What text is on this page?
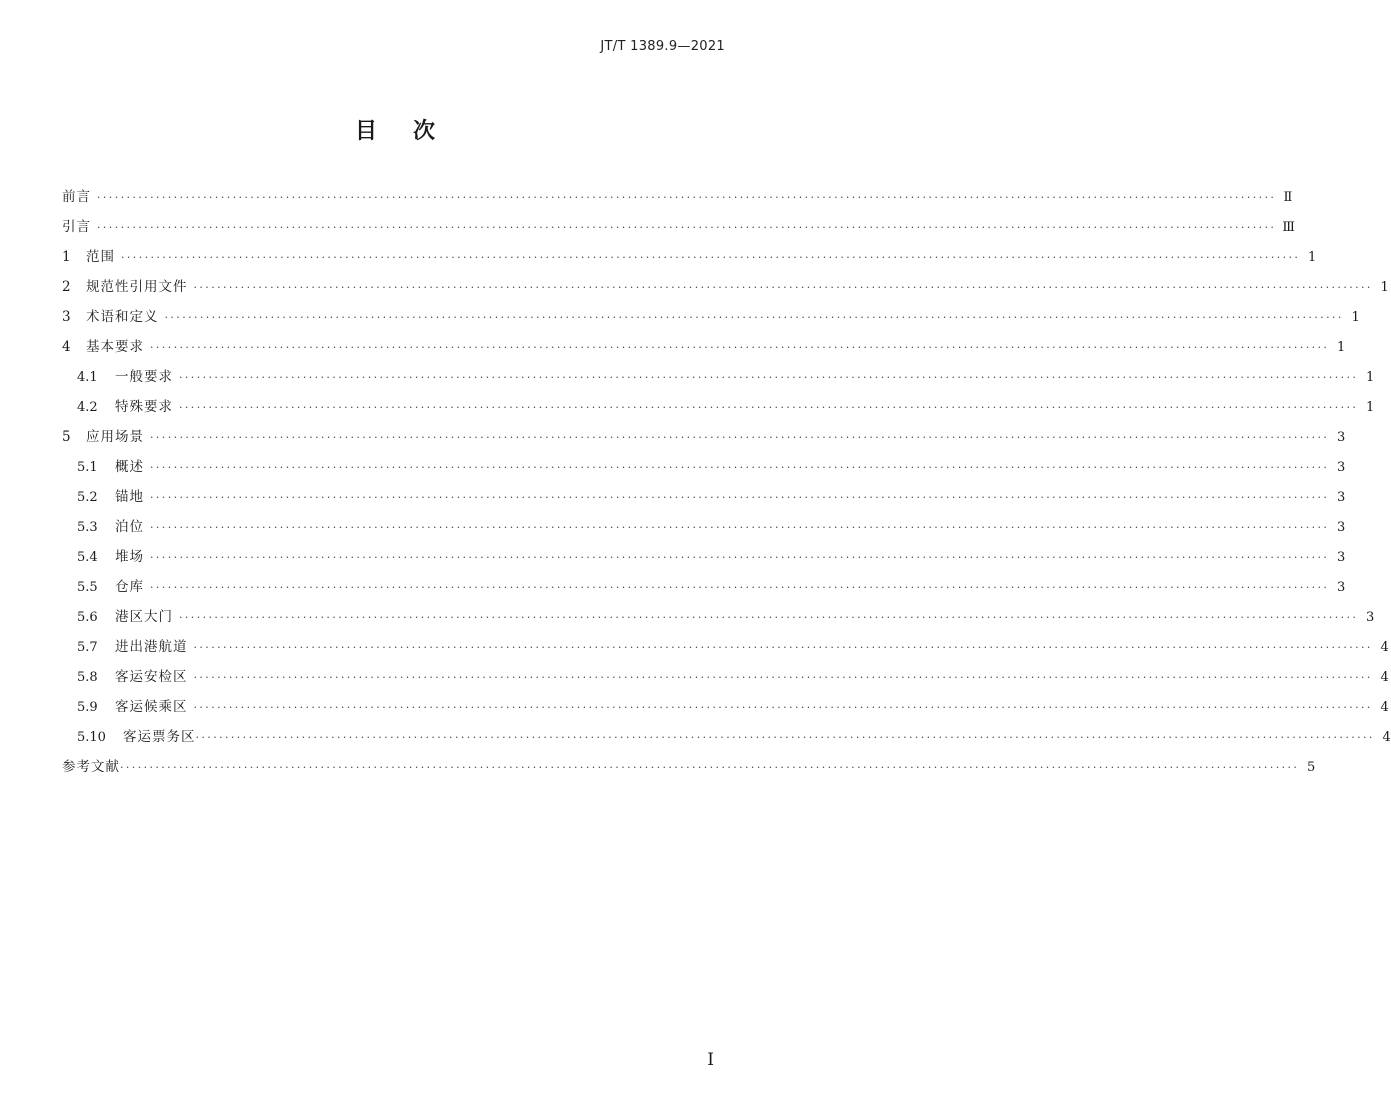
JT/T 1389.9—2021
目 次
前言 ········································································································································································································ Ⅱ
引言 ········································································································································································································ Ⅲ
1	范围 ········································································································································································································ 1
2	规范性引用文件 ········································································································································································································ 1
3	术语和定义 ········································································································································································································ 1
4	基本要求 ········································································································································································································ 1
4.1	一般要求 ········································································································································································································ 1
4.2	特殊要求 ········································································································································································································ 1
5	应用场景 ········································································································································································································ 3
5.1	概述 ········································································································································································································ 3
5.2	锚地 ········································································································································································································ 3
5.3	泊位 ········································································································································································································ 3
5.4	堆场 ········································································································································································································ 3
5.5	仓库 ········································································································································································································ 3
5.6	港区大门 ········································································································································································································ 3
5.7	进出港航道 ········································································································································································································ 4
5.8	客运安检区 ········································································································································································································ 4
5.9	客运候乘区 ········································································································································································································ 4
5.10	客运票务区 ········································································································································································································ 4
参考文献 ········································································································································································································ 5
I
